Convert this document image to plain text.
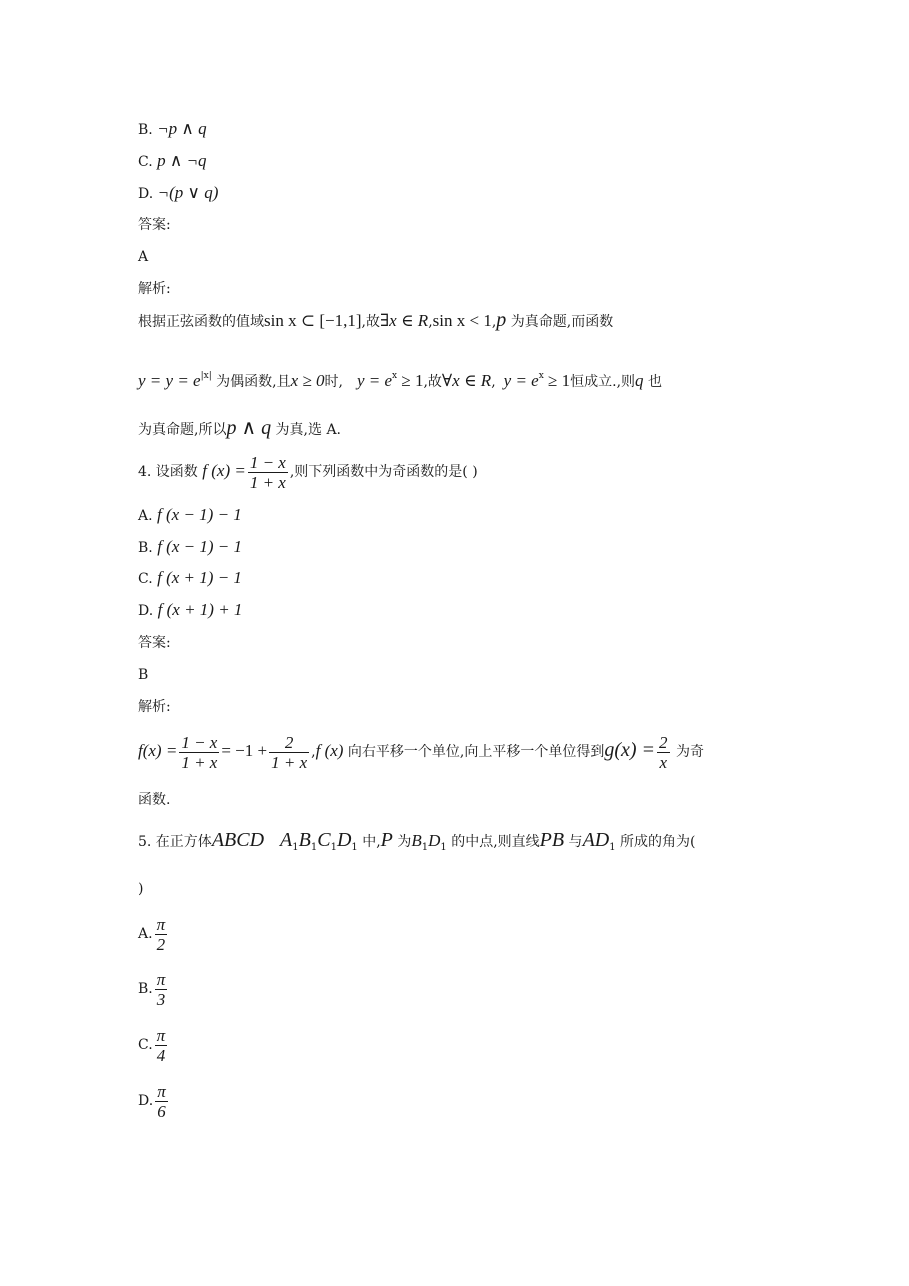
B. ¬p ∧ q
C. p ∧ ¬q
D. ¬(p ∨ q)
答案:
A
解析:
根据正弦函数的值域sin x ⊂ [−1,1],故∃x ∈ R,sin x < 1,p 为真命题,而函数
$y = y = e^{|x|}$ 为偶函数,且x ≥ 0时, $y = e^x \ge 1$,故∀x ∈ R, $y = e^x \ge 1$恒成立.,则q 也
为真命题,所以p ∧ q 为真,选 A.
4. 设函数 f $(x) = \frac{1 - x}{1 + x}$ ,则下列函数中为奇函数的是( )
A. f (x − 1) − 1
B. f (x − 1) − 1
C. f (x + 1) − 1
D. f (x + 1) + 1
答案:
B
解析:
$f(x) = \frac{1 - x}{1 + x} = -1 + \frac{2}{1 + x} ,f$ (x) 向右平移一个单位,向上平移一个单位得到$g(x) = \frac{2}{x}$ 为奇
函数.
5. 在正方体ABCD $A_1B_1C_1D_1$ 中,P 为$B_1D_1$ 的中点,则直线PB 与$AD_1$ 所成的角为(
)
A. $\frac{\pi}{2}$
B. $\frac{\pi}{3}$
C. $\frac{\pi}{4}$
D. $\frac{\pi}{6}$
